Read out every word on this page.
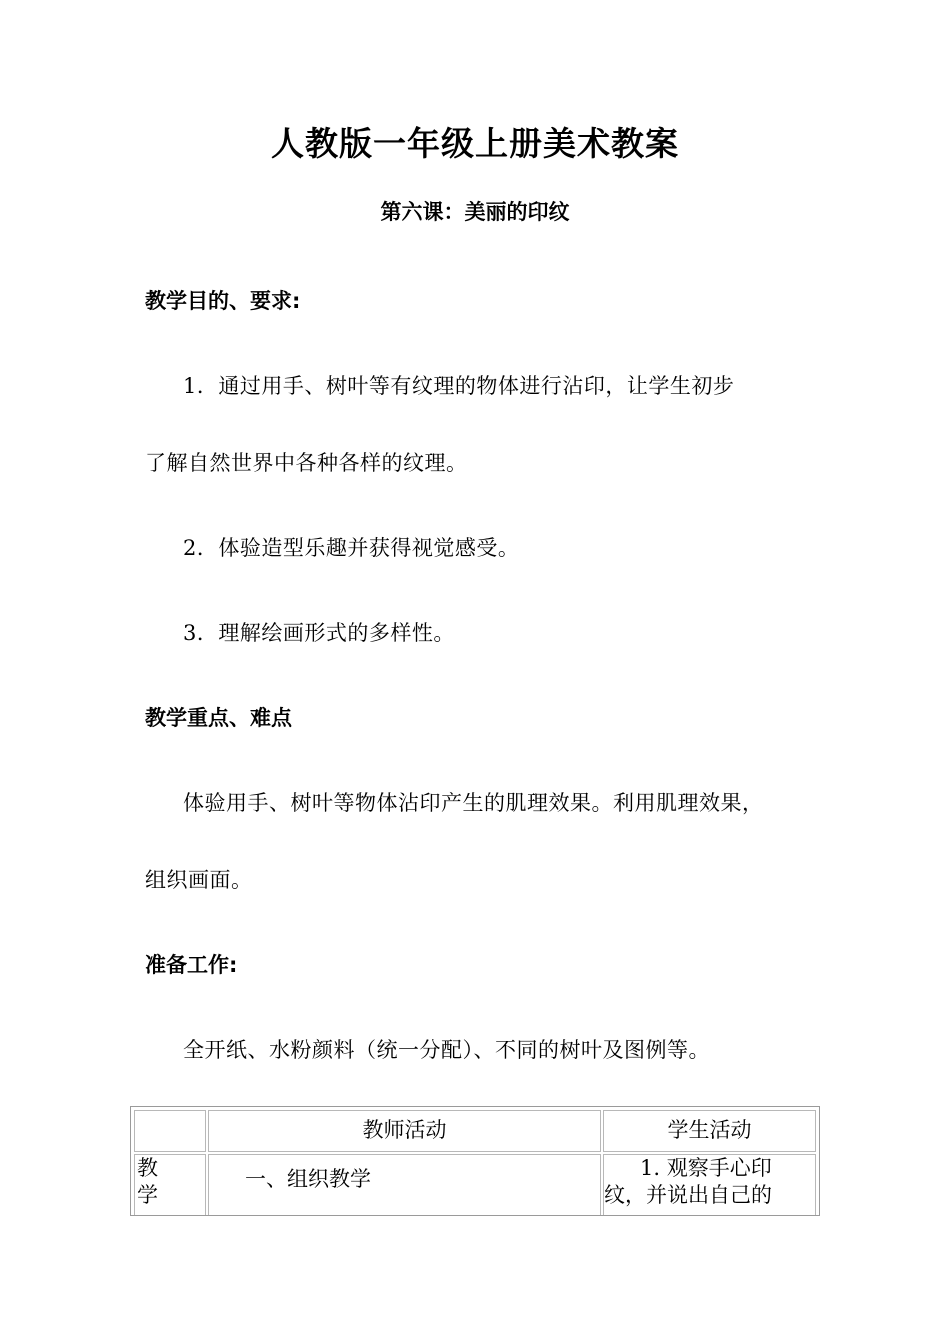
人教版一年级上册美术教案
第六课：美丽的印纹
教学目的、要求:
1．通过用手、树叶等有纹理的物体进行沾印，让学生初步
了解自然世界中各种各样的纹理。
2．体验造型乐趣并获得视觉感受。
3．理解绘画形式的多样性。
教学重点、难点
体验用手、树叶等物体沾印产生的肌理效果。利用肌理效果，
组织画面。
准备工作:
全开纸、水粉颜料（统一分配）、不同的树叶及图例等。
教师活动	学生活动
教
学
一、组织教学	1. 观察手心印
纹，并说出自己的
